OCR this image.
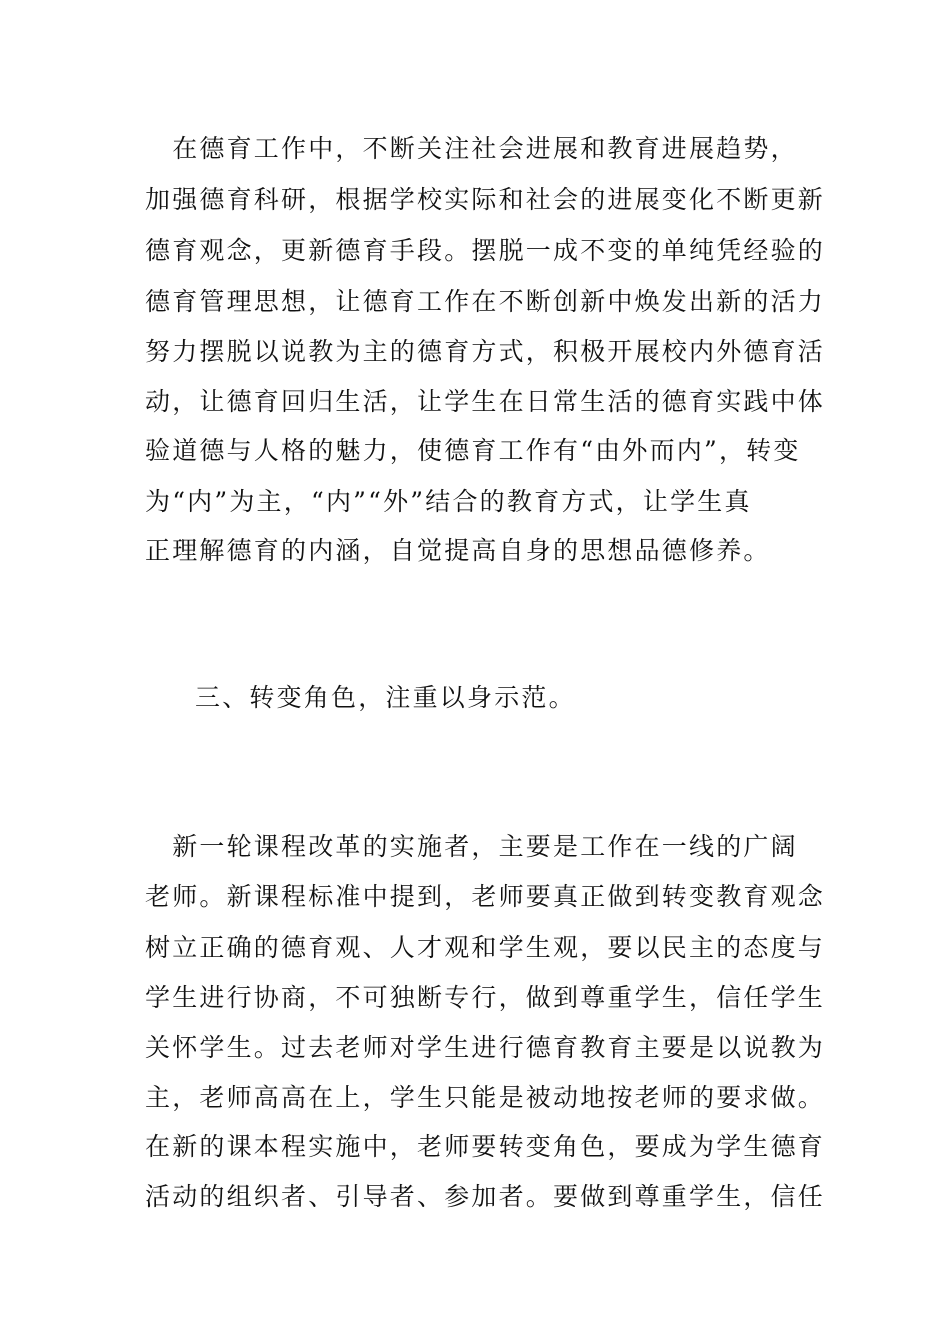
　在德育工作中，不断关注社会进展和教育进展趋势，
加强德育科研，根据学校实际和社会的进展变化不断更新
德育观念，更新德育手段。摆脱一成不变的单纯凭经验的
德育管理思想，让德育工作在不断创新中焕发出新的活力
努力摆脱以说教为主的德育方式，积极开展校内外德育活
动，让德育回归生活，让学生在日常生活的德育实践中体
验道德与人格的魅力，使德育工作有“由外而内”，转变
为“内”为主，“内”“外”结合的教育方式，让学生真
正理解德育的内涵，自觉提高自身的思想品德修养。
三、转变角色，注重以身示范。
　新一轮课程改革的实施者，主要是工作在一线的广阔
老师。新课程标准中提到，老师要真正做到转变教育观念
树立正确的德育观、人才观和学生观，要以民主的态度与
学生进行协商，不可独断专行，做到尊重学生，信任学生
关怀学生。过去老师对学生进行德育教育主要是以说教为
主，老师高高在上，学生只能是被动地按老师的要求做。
在新的课本程实施中，老师要转变角色，要成为学生德育
活动的组织者、引导者、参加者。要做到尊重学生，信任
